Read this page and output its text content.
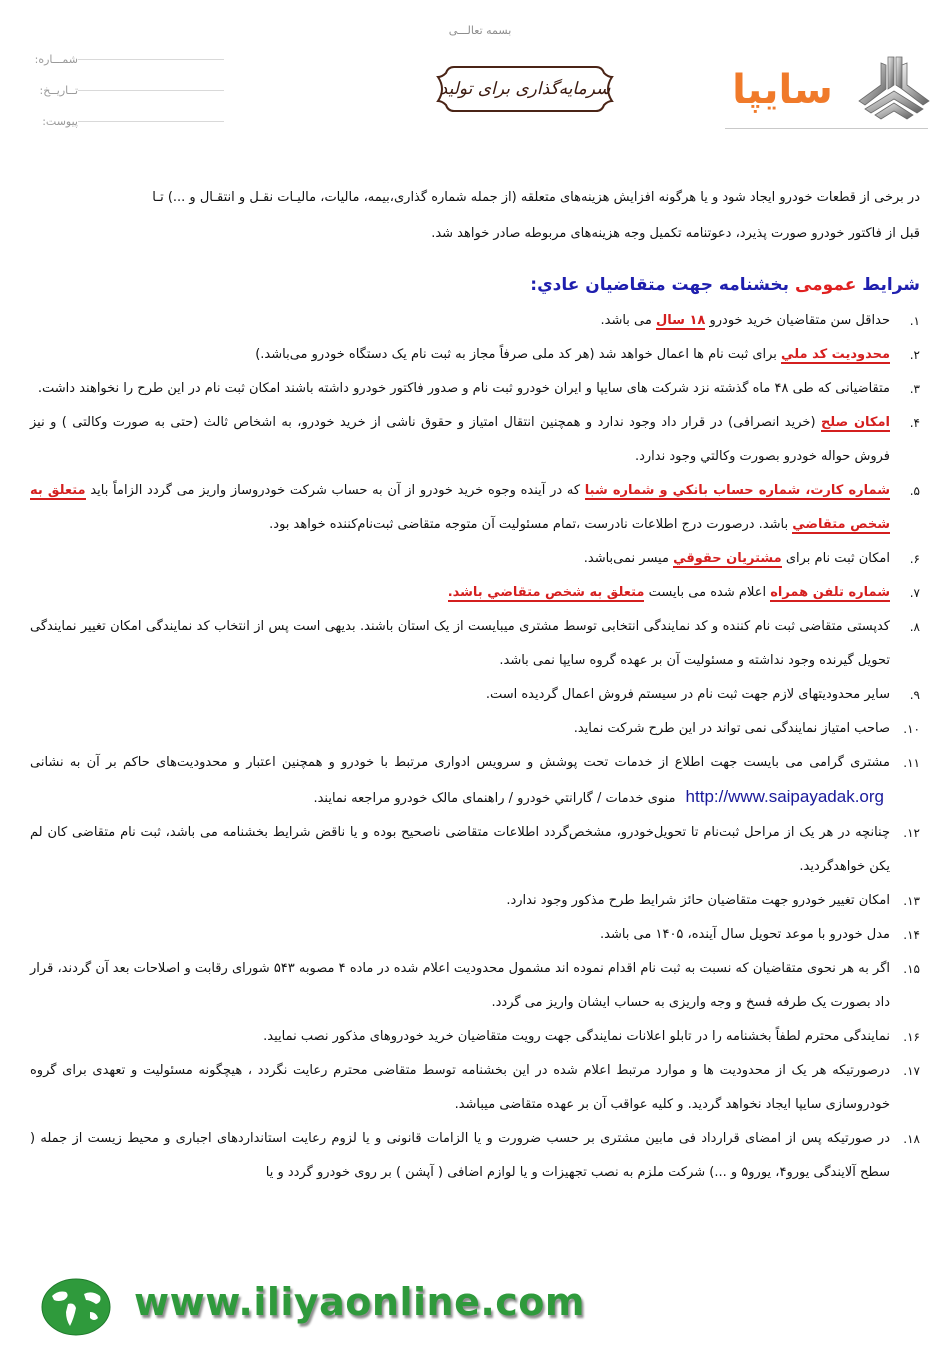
بسمه تعالـــی
شمـــاره:
تــاریــخ:
پیوست:
سرمایه‌گذاری برای تولید	سایپا

در برخی از قطعات خودرو ایجاد شود و یا هرگونه افزایش هزینه‌های متعلقه (از جمله شماره گذاری،بیمه، مالیات، مالیـات نقـل و انتقـال و ...) تـا

قبل از فاکتور خودرو صورت پذیرد، دعوتنامه تکمیل وجه هزینه‌های مربوطه صادر خواهد شد.

شرایط عمومی بخشنامه جهت متقاضیان عادي:
۱.
حداقل سن متقاضیان خرید خودرو ۱۸ سال می باشد.
۲.
محدودیت کد ملي برای ثبت نام ها اعمال خواهد شد (هر کد ملی صرفاً مجاز به ثبت نام یک دستگاه خودرو می‌باشد.)
۳.
متقاضیانی که طی ۴۸ ماه گذشته نزد شرکت های سایپا و ایران خودرو ثبت نام و صدور فاکتور خودرو داشته باشند امکان ثبت نام در این طرح را نخواهند داشت.
۴.
امکان صلح (خرید انصرافی) در قرار داد وجود ندارد و همچنین انتقال امتیاز و حقوق ناشی از خرید خودرو، به اشخاص ثالث (حتی به صورت وکالتی ) و نیز فروش حواله خودرو بصورت وکالتي وجود ندارد.
۵.
شماره کارت، شماره حساب بانکي و شماره شبا که در آینده وجوه خرید خودرو از آن به حساب شرکت خودروساز واریز می گردد الزاماً باید متعلق به شخص متقاضي باشد. درصورت درج اطلاعات نادرست ،تمام مسئولیت آن متوجه متقاضی ثبت‌نام‌کننده خواهد بود.
۶.
امکان ثبت نام برای مشتریان حقوقي میسر نمی‌باشد.
۷.
شماره تلفن همراه اعلام شده می بایست متعلق به شخص متقاضي باشد.
۸.
کدپستی متقاضی ثبت نام کننده و کد نمایندگی انتخابی توسط مشتری میبایست از یک استان باشند. بدیهی است پس از انتخاب کد نمایندگی امکان تغییر نمایندگی تحویل گیرنده وجود نداشته و مسئولیت آن بر عهده گروه سایپا نمی باشد.
۹.
سایر محدودیتهای لازم جهت ثبت نام در سیستم فروش اعمال گردیده است.
۱۰.
صاحب امتیاز نمایندگی نمی تواند در این طرح شرکت نماید.
۱۱.
مشتری گرامی می بایست جهت اطلاع از خدمات تحت پوشش و سرویس ادواری مرتبط با خودرو و همچنین اعتبار و محدودیت‌های حاکم بر آن به نشانی http://www.saipayadak.org منوی خدمات / گارانتي خودرو / راهنمای مالک خودرو مراجعه نمایند.
۱۲.
چنانچه در هر یک از مراحل ثبت‌نام تا تحویل‌خودرو، مشخص‌گردد اطلاعات متقاضی ناصحیح بوده و یا ناقض شرایط بخشنامه می باشد، ثبت نام متقاضی کان لم یکن خواهدگردید.
۱۳.
امکان تغییر خودرو جهت متقاضیان حائز شرایط طرح مذکور وجود ندارد.
۱۴.
مدل خودرو با موعد تحویل سال آینده، ۱۴۰۵ می باشد.
۱۵.
اگر به هر نحوی متقاضیان که نسبت به ثبت نام اقدام نموده اند مشمول محدودیت اعلام شده در ماده ۴ مصوبه ۵۴۳ شورای رقابت و اصلاحات بعد آن گردند، قرار داد بصورت یک طرفه فسخ و وجه واریزی به حساب ایشان واریز می گردد.
۱۶.
نمایندگی محترم لطفاً بخشنامه را در تابلو اعلانات نمایندگی جهت رویت متقاضیان خرید خودروهای مذکور نصب نمایید.
۱۷.
درصورتیکه هر یک از محدودیت ها و موارد مرتبط اعلام شده در این بخشنامه توسط متقاضی محترم رعایت نگردد ، هیچگونه مسئولیت و تعهدی برای گروه خودروسازی سایپا ایجاد نخواهد گردید. و کلیه عواقب آن بر عهده متقاضی میباشد.
۱۸.
در صورتیکه پس از امضای قرارداد فی مابین مشتری بر حسب ضرورت و یا الزامات قانونی و یا لزوم رعایت استانداردهای اجباری و محیط زیست از جمله ( سطح آلایندگی یورو۴، یورو۵ و ...) شرکت ملزم به نصب تجهیزات و یا لوازم اضافی ( آپشن ) بر روی خودرو گردد و یا
www.iliyaonline.com
